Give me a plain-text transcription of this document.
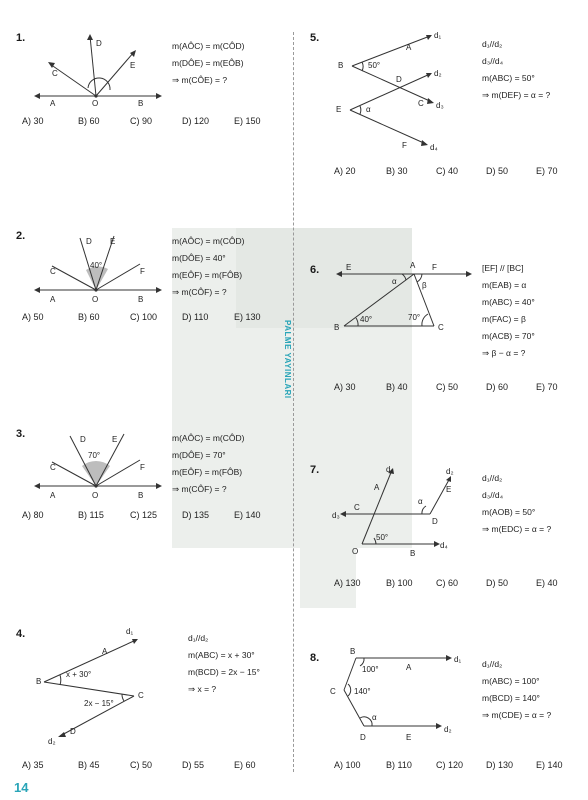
PALME YAYINLARI
1.
A	O	B
C
D
E
m(AÔC) = m(CÔD)
m(DÔE) = m(EÔB)
⇒ m(CÔE) = ?
A) 30	B) 60	C) 90	D) 120	E) 150
2.
40°
A	O	B
C
D E
F
m(AÔC) = m(CÔD)
m(DÔE) = 40°
m(EÔF) = m(FÔB)
⇒ m(CÔF) = ?
A) 50	B) 60	C) 100	D) 110	E) 130
3.
70°
A	O	B
C
D	E
F
m(AÔC) = m(CÔD)
m(DÔE) = 70°
m(EÔF) = m(FÔB)
⇒ m(CÔF) = ?
A) 80	B) 115	C) 125	D) 135	E) 140
4.
B
C
A
D
d₁
d₂
x + 30°
2x − 15°
d₁//d₂
m(ABC) = x + 30°
m(BCD) = 2x − 15°
⇒ x = ?
A) 35	B) 45	C) 50	D) 55	E) 60
5.
B
E
A
D
C
F
d₁
d₂
d₃
d₄
50°
α
d₁//d₂
d₃//d₄
m(ABC) = 50°
⇒ m(DEF) = α = ?
A) 20	B) 30	C) 40	D) 50	E) 70
6.	E	A F
B	C
α	β
40°	70°
[EF] // [BC]
m(EAB) = α
m(ABC) = 40°
m(FAC) = β
m(ACB) = 70°
⇒ β − α = ?
A) 30	B) 40	C) 50	D) 60	E) 70
7.
O	B
d₄
A
d₁
C
d₃
D
E
d₂
50°
α
d₁//d₂
d₃//d₄
m(AOB) = 50°
⇒ m(EDC) = α = ?
A) 130	B) 100	C) 60	D) 50	E) 40
8.
B
C
D
A
E
d₁
d₂
100°
140°
α
d₁//d₂
m(ABC) = 100°
m(BCD) = 140°
⇒ m(CDE) = α = ?
A) 100	B) 110	C) 120	D) 130	E) 140
14
